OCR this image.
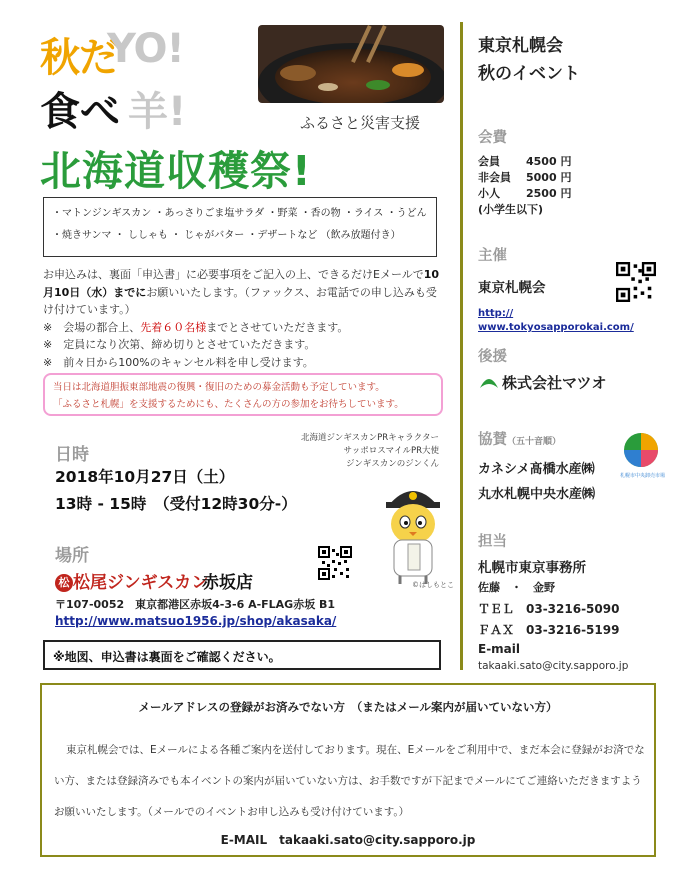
秋だ
YO!
食べ 羊!
北海道収穫祭!
ふるさと災害支援
・マトンジンギスカン ・あっさりごま塩サラダ ・野菜 ・香の物 ・ライス ・うどん
・焼きサンマ ・ ししゃも ・ じゃがバター ・デザートなど （飲み放題付き）
お申込みは、裏面「申込書」に必要事項をご記入の上、できるだけEメールで10月10日（水）までにお願いいたします。（ファックス、お電話での申し込みも受け付けています。）
※　会場の都合上、先着６０名様までとさせていただきます。
※　定員になり次第、締め切りとさせていただきます。
※　前々日から100%のキャンセル料を申し受けます。
当日は北海道胆振東部地震の復興・復旧のための募金活動も予定しています。
「ふるさと札幌」を支援するためにも、たくさんの方の参加をお待ちしています。
北海道ジンギスカンPRキャラクター
サッポロスマイルPR大使
ジンギスカンのジンくん
©はしもとこ
日時
2018年10月27日（土）
13時 - 15時　（受付12時30分-）
場所
松 松尾ジンギスカン
赤坂店
〒107-0052　東京都港区赤坂4-3-6 A-FLAG赤坂 B1
http://www.matsuo1956.jp/shop/akasaka/
※地図、申込書は裏面をご確認ください。
東京札幌会
秋のイベント
会費
会員 4500 円
非会員 5000 円
小人 2500 円
(小学生以下)
主催
東京札幌会
http://
www.tokyosapporokai.com/
後援
株式会社マツオ
協賛（五十音順）
カネシメ髙橋水産㈱
丸水札幌中央水産㈱
札幌市中央卸売市場
担当
札幌市東京事務所
佐藤　・　金野
ＴＥＬ　03-3216-5090
ＦＡＸ　03-3216-5199
E-mail
takaaki.sato@city.sapporo.jp
メールアドレスの登録がお済みでない方　（またはメール案内が届いていない方）
東京札幌会では、Eメールによる各種ご案内を送付しております。現在、Eメールをご利用中で、まだ本会に登録がお済でない方、または登録済みでも本イベントの案内が届いていない方は、お手数ですが下記までメールにてご連絡いただきますようお願いいたします。（メールでのイベントお申し込みも受け付けています。）
E-MAIL　takaaki.sato@city.sapporo.jp
